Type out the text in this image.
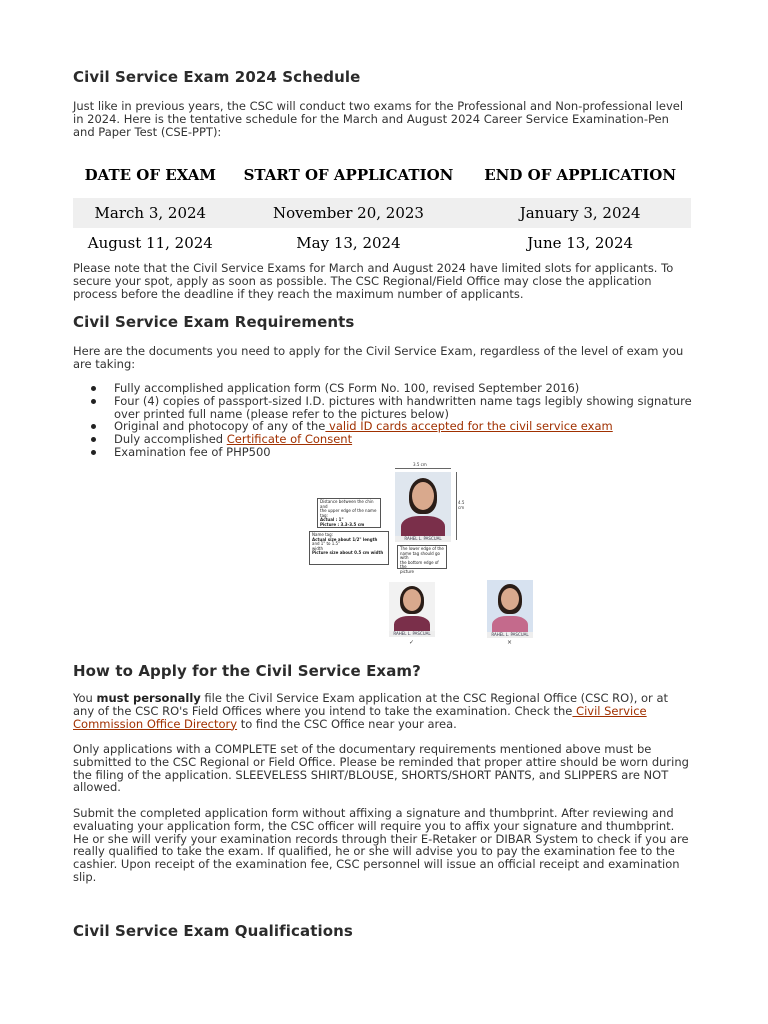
Civil Service Exam 2024 Schedule

Just like in previous years, the CSC will conduct two exams for the Professional and Non-professional level in 2024. Here is the tentative schedule for the March and August 2024 Career Service Examination-Pen and Paper Test (CSE-PPT):

DATE OF EXAM	START OF APPLICATION	END OF APPLICATION
March 3, 2024	November 20, 2023	January 3, 2024
August 11, 2024	May 13, 2024	June 13, 2024

Please note that the Civil Service Exams for March and August 2024 have limited slots for applicants. To secure your spot, apply as soon as possible. The CSC Regional/Field Office may close the application process before the deadline if they reach the maximum number of applicants.

Civil Service Exam Requirements

Here are the documents you need to apply for the Civil Service Exam, regardless of the level of exam you are taking:

Fully accomplished application form (CS Form No. 100, revised September 2016)
Four (4) copies of passport-sized I.D. pictures with handwritten name tags legibly showing signature over printed full name (please refer to the pictures below)
Original and photocopy of any of the valid ID cards accepted for the civil service exam
Duly accomplished Certificate of Consent
Examination fee of PHP500
3.5 cm
4.5 cm
RAHEL L. PASCUAL
Distance between the chin and
the upper edge of the name tag:
Actual : 1"
Picture : 3.3-3.5 cm
Name tag:
Actual size about 1/2" length
and 1" to 1.5"
width
Picture size about 0.5 cm width
The lower edge of the
name tag should go with
the bottom edge of the
picture
RAHEL L. PASCUAL
✓
RAHEL L. PASCUAL
×
How to Apply for the Civil Service Exam?

You must personally file the Civil Service Exam application at the CSC Regional Office (CSC RO), or at any of the CSC RO's Field Offices where you intend to take the examination. Check the Civil Service Commission Office Directory to find the CSC Office near your area.

Only applications with a COMPLETE set of the documentary requirements mentioned above must be submitted to the CSC Regional or Field Office. Please be reminded that proper attire should be worn during the filing of the application. SLEEVELESS SHIRT/BLOUSE, SHORTS/SHORT PANTS, and SLIPPERS are NOT allowed.

Submit the completed application form without affixing a signature and thumbprint. After reviewing and evaluating your application form, the CSC officer will require you to affix your signature and thumbprint. He or she will verify your examination records through their E-Retaker or DIBAR System to check if you are really qualified to take the exam. If qualified, he or she will advise you to pay the examination fee to the cashier. Upon receipt of the examination fee, CSC personnel will issue an official receipt and examination slip.

Civil Service Exam Qualifications
